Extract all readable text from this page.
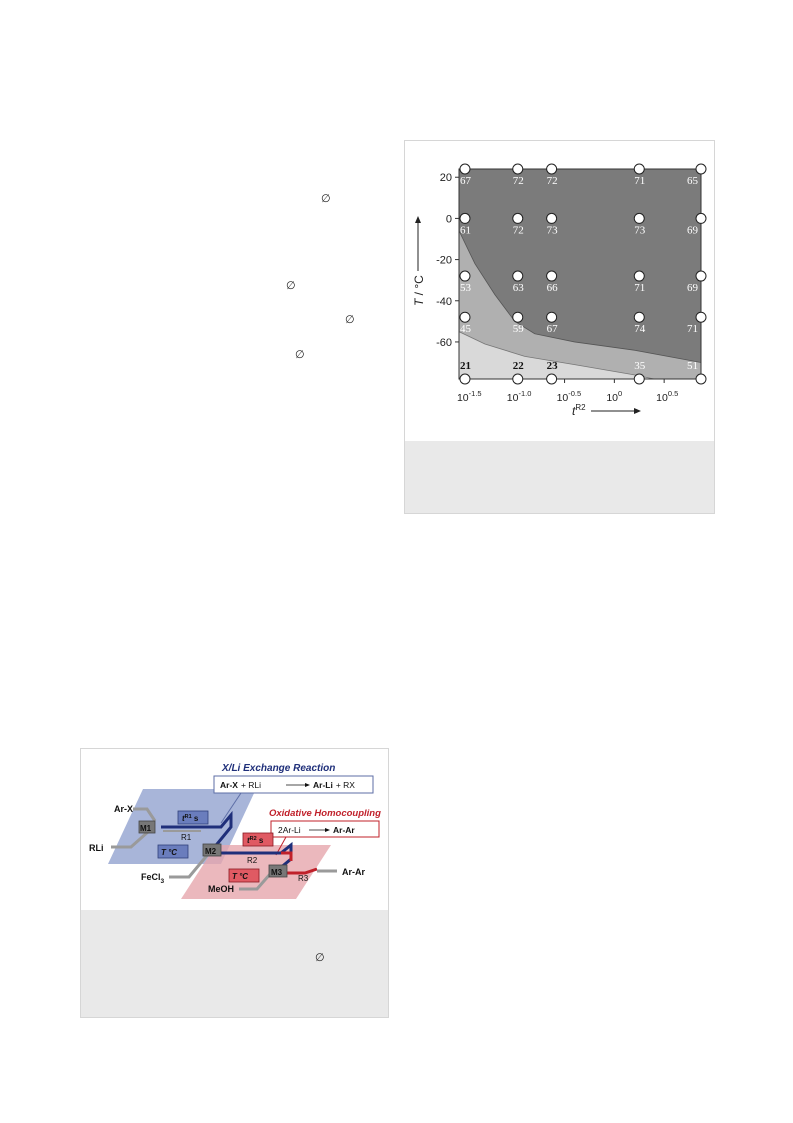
∅
∅
∅
∅
20
0
-20
-40
-60
$10^{-1.5}$ $10^{-1.0}$ $10^{-0.5}$ $10^0$	$10^{0.5}$
67	72 72	71	65
61	72 73	73	69
53	63 66	71	69
45	59 67	74	71
21	22 23	35	51
T / °C
$t^{R2}$
X/Li Exchange Reaction
Oxidative Homocoupling
Ar-X + RLi	Ar-Li + RX
2Ar-Li	Ar-Ar
M1
M2
M3
R1
R2
R3
$t^{R1}$ s
T °C
$t^{R2}$ s
T °C
Ar-X
RLi
FeCl$_3$
MeOH
Ar-Ar
∅
